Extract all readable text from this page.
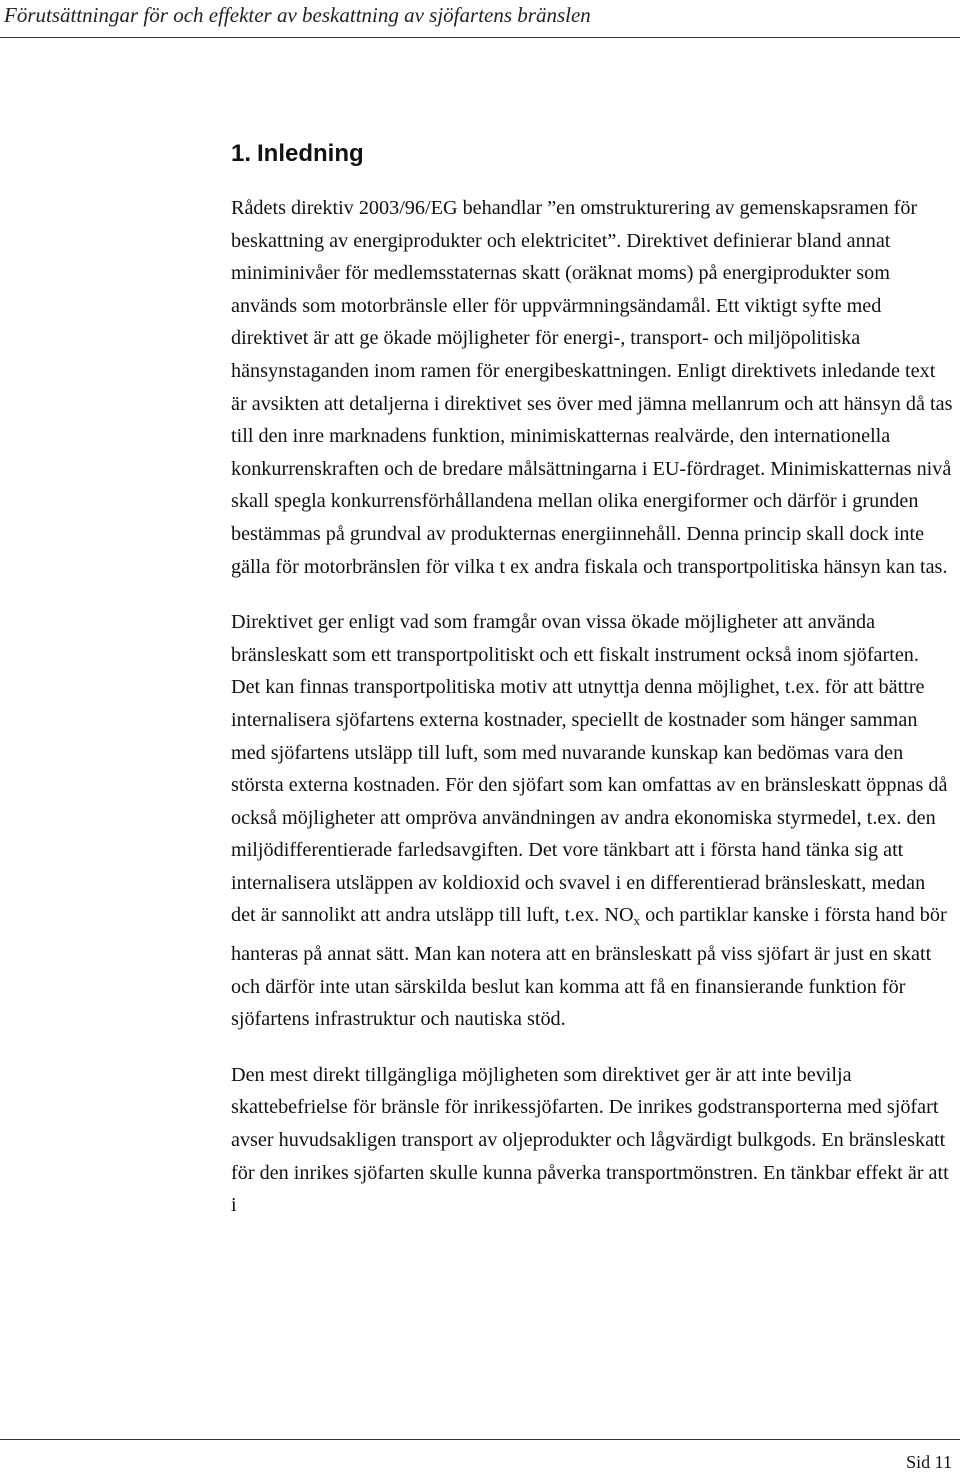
Förutsättningar för och effekter av beskattning av sjöfartens bränslen
1. Inledning

Rådets direktiv 2003/96/EG behandlar ”en omstrukturering av gemenskapsramen för beskattning av energiprodukter och elektricitet”. Direktivet definierar bland annat miniminivåer för medlemsstaternas skatt (oräknat moms) på energiprodukter som används som motorbränsle eller för uppvärmningsändamål. Ett viktigt syfte med direktivet är att ge ökade möjligheter för energi-, transport- och miljöpolitiska hänsynstaganden inom ramen för energibeskattningen. Enligt direktivets inledande text är avsikten att detaljerna i direktivet ses över med jämna mellanrum och att hänsyn då tas till den inre marknadens funktion, minimiskatternas realvärde, den internationella konkurrenskraften och de bredare målsättningarna i EU-fördraget. Minimiskatternas nivå skall spegla konkurrensförhållandena mellan olika energiformer och därför i grunden bestämmas på grundval av produkternas energiinnehåll. Denna princip skall dock inte gälla för motorbränslen för vilka t ex andra fiskala och transportpolitiska hänsyn kan tas.

Direktivet ger enligt vad som framgår ovan vissa ökade möjligheter att använda bränsleskatt som ett transportpolitiskt och ett fiskalt instrument också inom sjöfarten. Det kan finnas transportpolitiska motiv att utnyttja denna möjlighet, t.ex. för att bättre internalisera sjöfartens externa kostnader, speciellt de kostnader som hänger samman med sjöfartens utsläpp till luft, som med nuvarande kunskap kan bedömas vara den största externa kostnaden. För den sjöfart som kan omfattas av en bränsleskatt öppnas då också möjligheter att ompröva användningen av andra ekonomiska styrmedel, t.ex. den miljödifferentierade farledsavgiften. Det vore tänkbart att i första hand tänka sig att internalisera utsläppen av koldioxid och svavel i en differentierad bränsleskatt, medan det är sannolikt att andra utsläpp till luft, t.ex. $NO_x$ och partiklar kanske i första hand bör hanteras på annat sätt. Man kan notera att en bränsleskatt på viss sjöfart är just en skatt och därför inte utan särskilda beslut kan komma att få en finansierande funktion för sjöfartens infrastruktur och nautiska stöd.

Den mest direkt tillgängliga möjligheten som direktivet ger är att inte bevilja skattebefrielse för bränsle för inrikessjöfarten. De inrikes godstransporterna med sjöfart avser huvudsakligen transport av oljeprodukter och lågvärdigt bulkgods. En bränsleskatt för den inrikes sjöfarten skulle kunna påverka transportmönstren. En tänkbar effekt är att i

Sid 11
